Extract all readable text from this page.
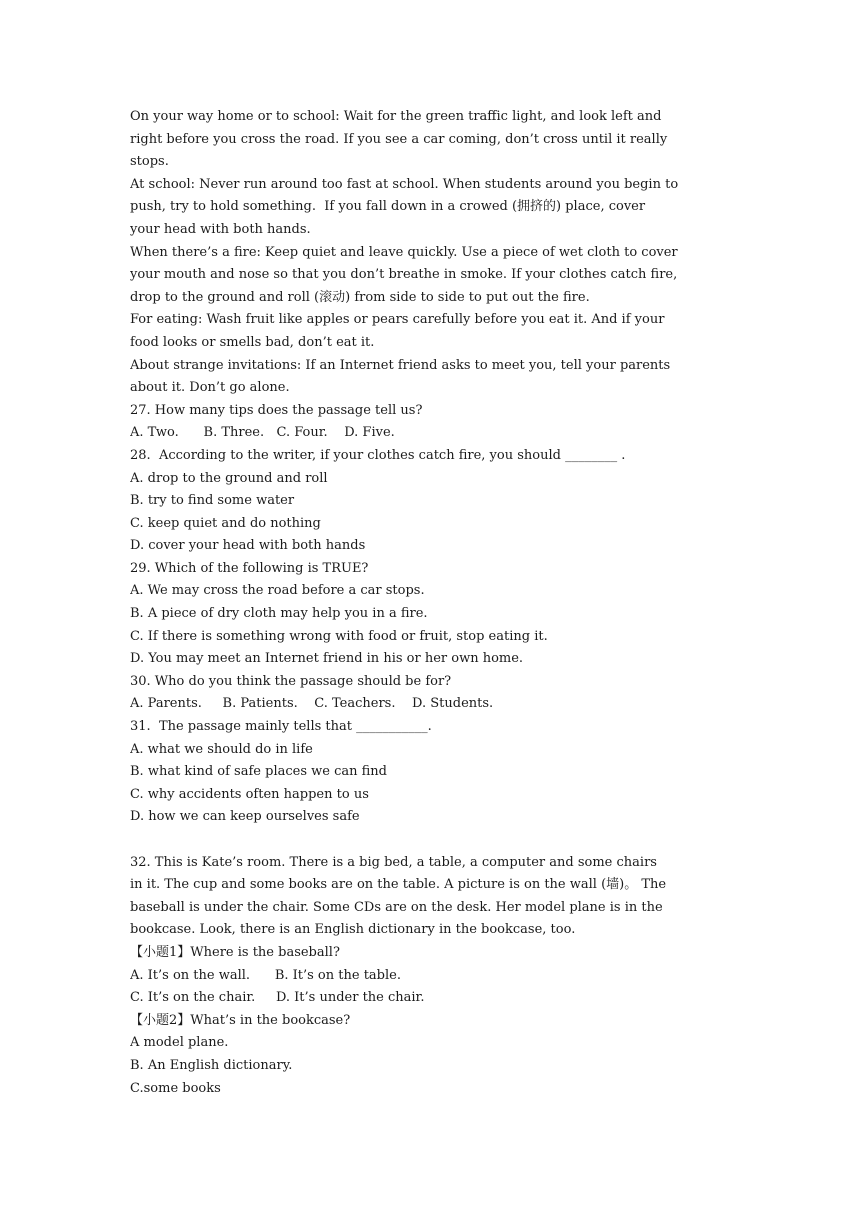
On your way home or to school: Wait for the green traffic light, and look left and
right before you cross the road. If you see a car coming, don’t cross until it really
stops.
At school: Never run around too fast at school. When students around you begin to
push, try to hold something.  If you fall down in a crowed (拥挤的) place, cover
your head with both hands.
When there’s a fire: Keep quiet and leave quickly. Use a piece of wet cloth to cover
your mouth and nose so that you don’t breathe in smoke. If your clothes catch fire,
drop to the ground and roll (滚动) from side to side to put out the fire.
For eating: Wash fruit like apples or pears carefully before you eat it. And if your
food looks or smells bad, don’t eat it.
About strange invitations: If an Internet friend asks to meet you, tell your parents
about it. Don’t go alone.
27. How many tips does the passage tell us?
A. Two.      B. Three.   C. Four.    D. Five.
28.  According to the writer, if your clothes catch fire, you should ________ .
A. drop to the ground and roll
B. try to find some water
C. keep quiet and do nothing
D. cover your head with both hands
29. Which of the following is TRUE?
A. We may cross the road before a car stops.
B. A piece of dry cloth may help you in a fire.
C. If there is something wrong with food or fruit, stop eating it.
D. You may meet an Internet friend in his or her own home.
30. Who do you think the passage should be for?
A. Parents.     B. Patients.    C. Teachers.    D. Students.
31.  The passage mainly tells that ___________.
A. what we should do in life
B. what kind of safe places we can find
C. why accidents often happen to us
D. how we can keep ourselves safe
32. This is Kate’s room. There is a big bed, a table, a computer and some chairs
in it. The cup and some books are on the table. A picture is on the wall (墙)。 The
baseball is under the chair. Some CDs are on the desk. Her model plane is in the
bookcase. Look, there is an English dictionary in the bookcase, too.
【小题1】Where is the baseball?
A. It’s on the wall.      B. It’s on the table.
C. It’s on the chair.     D. It’s under the chair.
【小题2】What’s in the bookcase?
A model plane.
B. An English dictionary.
C.some books
